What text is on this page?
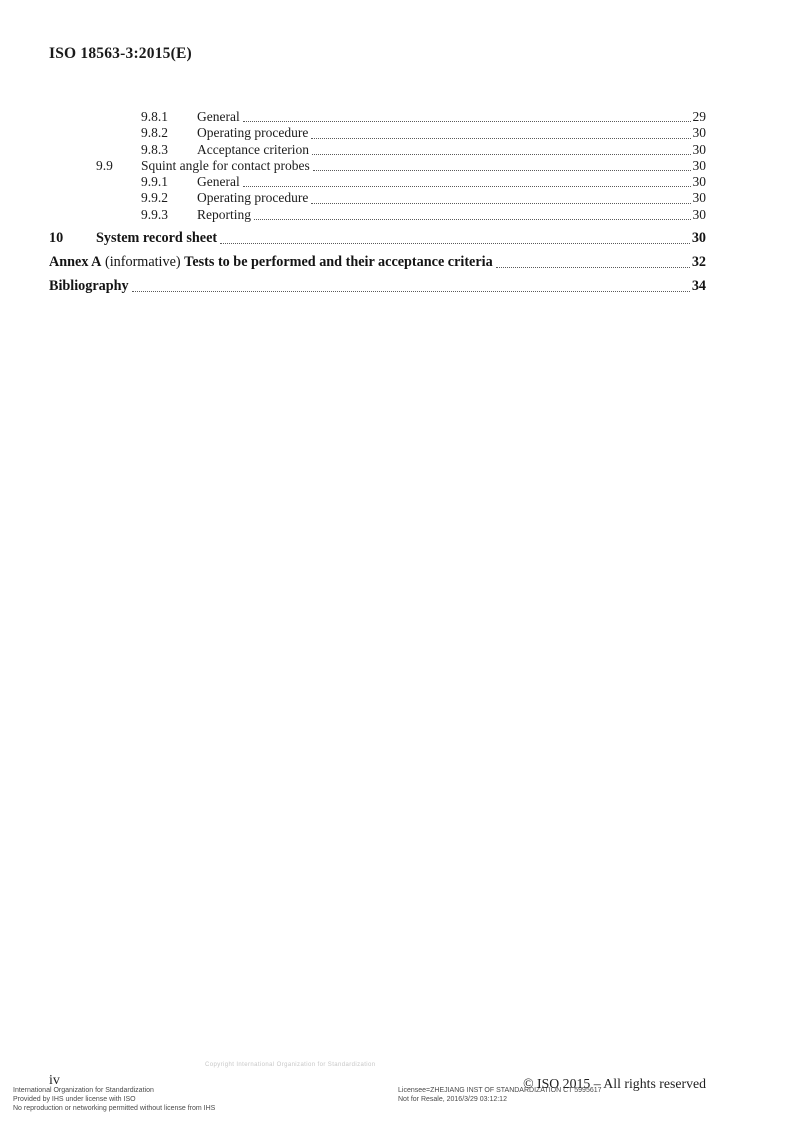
ISO 18563-3:2015(E)
9.8.1	General	29
9.8.2	Operating procedure	30
9.8.3	Acceptance criterion	30
9.9	Squint angle for contact probes	30
9.9.1	General	30
9.9.2	Operating procedure	30
9.9.3	Reporting	30
10	System record sheet	30
Annex A (informative) Tests to be performed and their acceptance criteria	32
Bibliography	34
Copyright International Organization for Standardization
iv
International Organization for Standardization
Provided by IHS under license with ISO
No reproduction or networking permitted without license from IHS
Licensee=ZHEJIANG INST OF STANDARDIZATION CT 5995617
Not for Resale, 2016/3/29 03:12:12
© ISO 2015 – All rights reserved
